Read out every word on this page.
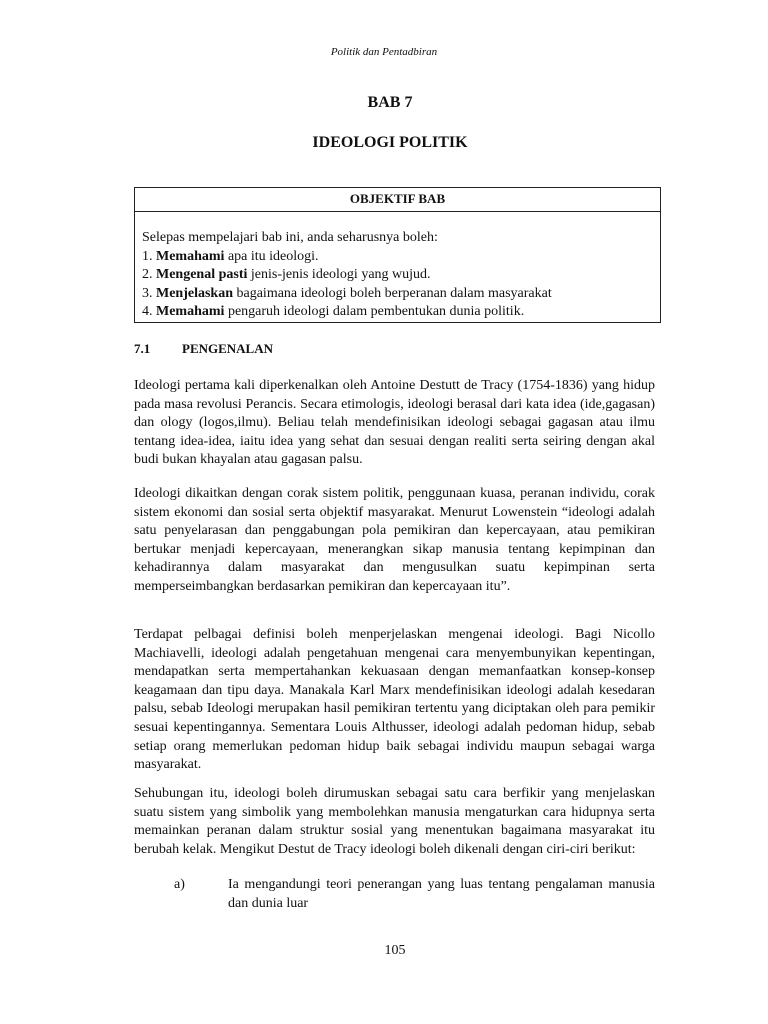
Politik dan Pentadbiran
BAB 7
IDEOLOGI POLITIK
OBJEKTIF BAB

Selepas mempelajari bab ini, anda seharusnya boleh:

1. Memahami apa itu ideologi.

2. Mengenal pasti jenis-jenis ideologi yang wujud.

3. Menjelaskan bagaimana ideologi boleh berperanan dalam masyarakat

4. Memahami pengaruh ideologi dalam pembentukan dunia politik.

7.1 PENGENALAN

Ideologi pertama kali diperkenalkan oleh Antoine Destutt de Tracy (1754-1836) yang hidup pada masa revolusi Perancis. Secara etimologis, ideologi berasal dari kata idea (ide,gagasan) dan ology (logos,ilmu). Beliau telah mendefinisikan ideologi sebagai gagasan atau ilmu tentang idea-idea, iaitu idea yang sehat dan sesuai dengan realiti serta seiring dengan akal budi bukan khayalan atau gagasan palsu.

Ideologi dikaitkan dengan corak sistem politik, penggunaan kuasa, peranan individu, corak sistem ekonomi dan sosial serta objektif masyarakat. Menurut Lowenstein “ideologi adalah satu penyelarasan dan penggabungan pola pemikiran dan kepercayaan, atau pemikiran bertukar menjadi kepercayaan, menerangkan sikap manusia tentang kepimpinan dan kehadirannya dalam masyarakat dan mengusulkan suatu kepimpinan serta memperseimbangkan berdasarkan pemikiran dan kepercayaan itu”.

Terdapat pelbagai definisi boleh menperjelaskan mengenai ideologi. Bagi Nicollo Machiavelli, ideologi adalah pengetahuan mengenai cara menyembunyikan kepentingan, mendapatkan serta mempertahankan kekuasaan dengan memanfaatkan konsep-konsep keagamaan dan tipu daya. Manakala Karl Marx mendefinisikan ideologi adalah kesedaran palsu, sebab Ideologi merupakan hasil pemikiran tertentu yang diciptakan oleh para pemikir sesuai kepentingannya. Sementara Louis Althusser, ideologi adalah pedoman hidup, sebab setiap orang memerlukan pedoman hidup baik sebagai individu maupun sebagai warga masyarakat.

Sehubungan itu, ideologi boleh dirumuskan sebagai satu cara berfikir yang menjelaskan suatu sistem yang simbolik yang membolehkan manusia mengaturkan cara hidupnya serta memainkan peranan dalam struktur sosial yang menentukan bagaimana masyarakat itu berubah kelak. Mengikut Destut de Tracy ideologi boleh dikenali dengan ciri-ciri berikut:

a)	Ia mengandungi teori penerangan yang luas tentang pengalaman manusia dan dunia luar
105
